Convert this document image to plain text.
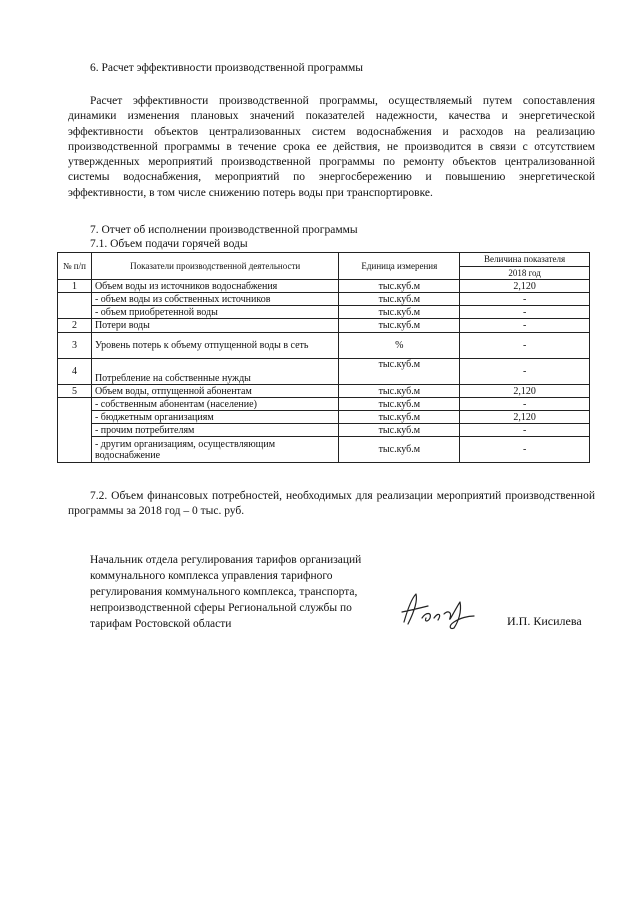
6. Расчет эффективности производственной программы
Расчет эффективности производственной программы, осуществляемый путем сопоставления динамики изменения плановых значений показателей надежности, качества и энергетической эффективности объектов централизованных систем водоснабжения и расходов на реализацию производственной программы в течение срока ее действия, не производится в связи с отсутствием утвержденных мероприятий производственной программы по ремонту объектов централизованной системы водоснабжения, мероприятий по энергосбережению и повышению энергетической эффективности, в том числе снижению потерь воды при транспортировке.
7. Отчет об исполнении производственной программы
7.1. Объем подачи горячей воды
№ п/п	Показатели производственной деятельности	Единица измерения	Величина показателя
			2018 год
1	Объем воды из источников водоснабжения	тыс.куб.м	2,120
	- объем воды из собственных источников	тыс.куб.м	-
	- объем приобретенной воды	тыс.куб.м	-
2	Потери воды	тыс.куб.м	-
3	Уровень потерь к объему отпущенной воды в сеть	%	-
4	Потребление на собственные нужды	тыс.куб.м	-
5	Объем воды, отпущенной абонентам	тыс.куб.м	2,120
	- собственным абонентам (население)	тыс.куб.м	-
	- бюджетным организациям	тыс.куб.м	2,120
	- прочим потребителям	тыс.куб.м	-
	- другим организациям, осуществляющим водоснабжение	тыс.куб.м	-
7.2. Объем финансовых потребностей, необходимых для реализации мероприятий производственной программы за 2018 год – 0 тыс. руб.
Начальник отдела регулирования тарифов организаций
коммунального комплекса управления тарифного
регулирования коммунального комплекса, транспорта,
непроизводственной сферы Региональной службы по
тарифам Ростовской области	И.П. Кисилева
